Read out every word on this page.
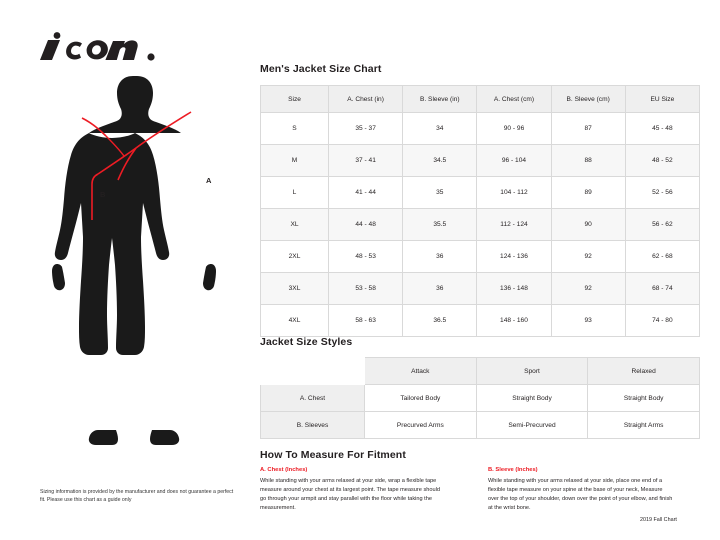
A
B
Sizing information is provided by the manufacturer and does not guarantee a perfect fit. Please use this chart as a guide only
Men's Jacket Size Chart
Size	A. Chest (in)	B. Sleeve (in)	A. Chest (cm)	B. Sleeve (cm)	EU Size
S	35 - 37	34	90 - 96	87	45 - 48
M	37 - 41	34.5	96 - 104	88	48 - 52
L	41 - 44	35	104 - 112	89	52 - 56
XL	44 - 48	35.5	112 - 124	90	56 - 62
2XL	48 - 53	36	124 - 136	92	62 - 68
3XL	53 - 58	36	136 - 148	92	68 - 74
4XL	58 - 63	36.5	148 - 160	93	74 - 80
Jacket Size Styles
	Attack	Sport	Relaxed
A. Chest	Tailored Body	Straight Body	Straight Body
B. Sleeves	Precurved Arms	Semi-Precurved	Straight Arms
How To Measure For Fitment
A. Chest (Inches)
While standing with your arms relaxed at your side, wrap a flexible tape measure around your chest at its largest point. The tape measure should go through your armpit and stay parallel with the floor while taking the measurement.
B. Sleeve (Inches)
While standing with your arms relaxed at your side, place one end of a flexible tape measure on your spine at the base of your neck, Measure over the top of your shoulder, down over the point of your elbow, and finish at the wrist bone.
2019 Fall Chart
